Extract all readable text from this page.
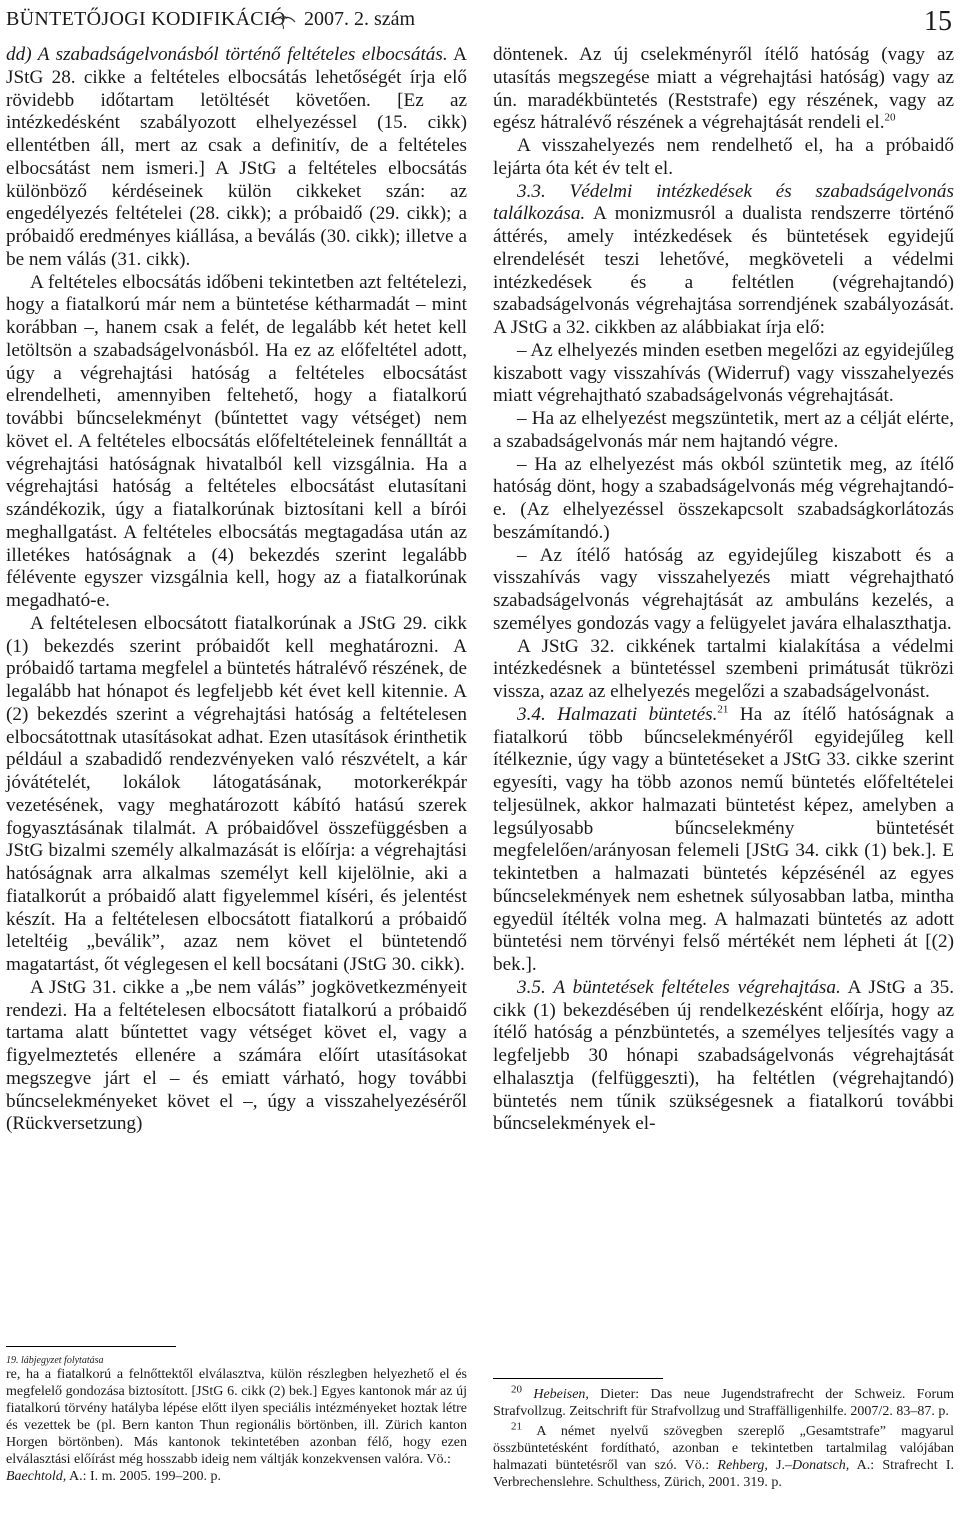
BÜNTETŐJOGI KODIFIKÁCIÓ 2007. 2. szám	15

dd) A szabadságelvonásból történő feltételes elbocsátás. A JStG 28. cikke a feltételes elbocsátás lehetőségét írja elő rövidebb időtartam letöltését követően. [Ez az intézkedésként szabályozott elhelyezéssel (15. cikk) ellentétben áll, mert az csak a definitív, de a feltételes elbocsátást nem ismeri.] A JStG a feltételes elbocsátás különböző kérdéseinek külön cikkeket szán: az engedélyezés feltételei (28. cikk); a próbaidő (29. cikk); a próbaidő eredményes kiállása, a beválás (30. cikk); illetve a be nem válás (31. cikk).

A feltételes elbocsátás időbeni tekintetben azt feltételezi, hogy a fiatalkorú már nem a büntetése kétharmadát – mint korábban –, hanem csak a felét, de legalább két hetet kell letöltsön a szabadságelvonásból. Ha ez az előfeltétel adott, úgy a végrehajtási hatóság a feltételes elbocsátást elrendelheti, amennyiben feltehető, hogy a fiatalkorú további bűncselekményt (bűntettet vagy vétséget) nem követ el. A feltételes elbocsátás előfeltételeinek fennálltát a végrehajtási hatóságnak hivatalból kell vizsgálnia. Ha a végrehajtási hatóság a feltételes elbocsátást elutasítani szándékozik, úgy a fiatalkorúnak biztosítani kell a bírói meghallgatást. A feltételes elbocsátás megtagadása után az illetékes hatóságnak a (4) bekezdés szerint legalább félévente egyszer vizsgálnia kell, hogy az a fiatalkorúnak megadható-e.

A feltételesen elbocsátott fiatalkorúnak a JStG 29. cikk (1) bekezdés szerint próbaidőt kell meghatározni. A próbaidő tartama megfelel a büntetés hátralévő részének, de legalább hat hónapot és legfeljebb két évet kell kitennie. A (2) bekezdés szerint a végrehajtási hatóság a feltételesen elbocsátottnak utasításokat adhat. Ezen utasítások érinthetik például a szabadidő rendezvényeken való részvételt, a kár jóvátételét, lokálok látogatásának, motorkerékpár vezetésének, vagy meghatározott kábító hatású szerek fogyasztásának tilalmát. A próbaidővel összefüggésben a JStG bizalmi személy alkalmazását is előírja: a végrehajtási hatóságnak arra alkalmas személyt kell kijelölnie, aki a fiatalkorút a próbaidő alatt figyelemmel kíséri, és jelentést készít. Ha a feltételesen elbocsátott fiatalkorú a próbaidő leteltéig „beválik”, azaz nem követ el büntetendő magatartást, őt véglegesen el kell bocsátani (JStG 30. cikk).

A JStG 31. cikke a „be nem válás” jogkövetkezményeit rendezi. Ha a feltételesen elbocsátott fiatalkorú a próbaidő tartama alatt bűntettet vagy vétséget követ el, vagy a figyelmeztetés ellenére a számára előírt utasításokat megszegve járt el – és emiatt várható, hogy további bűncselekményeket követ el –, úgy a visszahelyezéséről (Rückversetzung)

döntenek. Az új cselekményről ítélő hatóság (vagy az utasítás megszegése miatt a végrehajtási hatóság) vagy az ún. maradékbüntetés (Reststrafe) egy részének, vagy az egész hátralévő részének a végrehajtását rendeli el.$^{20}$

A visszahelyezés nem rendelhető el, ha a próbaidő lejárta óta két év telt el.

3.3. Védelmi intézkedések és szabadságelvonás találkozása. A monizmusról a dualista rendszerre történő áttérés, amely intézkedések és büntetések egyidejű elrendelését teszi lehetővé, megköveteli a védelmi intézkedések és a feltétlen (végrehajtandó) szabadságelvonás végrehajtása sorrendjének szabályozását. A JStG a 32. cikkben az alábbiakat írja elő:

– Az elhelyezés minden esetben megelőzi az egyidejűleg kiszabott vagy visszahívás (Widerruf) vagy visszahelyezés miatt végrehajtható szabadságelvonás végrehajtását.

– Ha az elhelyezést megszüntetik, mert az a célját elérte, a szabadságelvonás már nem hajtandó végre.

– Ha az elhelyezést más okból szüntetik meg, az ítélő hatóság dönt, hogy a szabadságelvonás még végrehajtandó-e. (Az elhelyezéssel összekapcsolt szabadságkorlátozás beszámítandó.)

– Az ítélő hatóság az egyidejűleg kiszabott és a visszahívás vagy visszahelyezés miatt végrehajtható szabadságelvonás végrehajtását az ambuláns kezelés, a személyes gondozás vagy a felügyelet javára elhalaszthatja.

A JStG 32. cikkének tartalmi kialakítása a védelmi intézkedésnek a büntetéssel szembeni primátusát tükrözi vissza, azaz az elhelyezés megelőzi a szabadságelvonást.

3.4. Halmazati büntetés.$^{21}$ Ha az ítélő hatóságnak a fiatalkorú több bűncselekményéről egyidejűleg kell ítélkeznie, úgy vagy a büntetéseket a JStG 33. cikke szerint egyesíti, vagy ha több azonos nemű büntetés előfeltételei teljesülnek, akkor halmazati büntetést képez, amelyben a legsúlyosabb bűncselekmény büntetését megfelelően/arányosan felemeli [JStG 34. cikk (1) bek.]. E tekintetben a halmazati büntetés képzésénél az egyes bűncselekmények nem eshetnek súlyosabban latba, mintha egyedül ítélték volna meg. A halmazati büntetés az adott büntetési nem törvényi felső mértékét nem lépheti át [(2) bek.].

3.5. A büntetések feltételes végrehajtása. A JStG a 35. cikk (1) bekezdésében új rendelkezésként előírja, hogy az ítélő hatóság a pénzbüntetés, a személyes teljesítés vagy a legfeljebb 30 hónapi szabadságelvonás végrehajtását elhalasztja (felfüggeszti), ha feltétlen (végrehajtandó) büntetés nem tűnik szükségesnek a fiatalkorú további bűncselekmények el-

19. lábjegyzet folytatása
re, ha a fiatalkorú a felnőttektől elválasztva, külön részlegben helyezhető el és megfelelő gondozása biztosított. [JStG 6. cikk (2) bek.] Egyes kantonok már az új fiatalkorú törvény hatályba lépése előtt ilyen speciális intézményeket hoztak létre és vezettek be (pl. Bern kanton Thun regionális börtönben, ill. Zürich kanton Horgen börtönben). Más kantonok tekintetében azonban félő, hogy ezen elválasztási előírást még hosszabb ideig nem váltják konzekvensen valóra. Vö.:
Baechtold, A.: I. m. 2005. 199–200. p.
$^{20}$ Hebeisen, Dieter: Das neue Jugendstrafrecht der Schweiz. Forum Strafvollzug. Zeitschrift für Strafvollzug und Straffälligenhilfe. 2007/2. 83–87. p.
$^{21}$ A német nyelvű szövegben szereplő „Gesamtstrafe” magyarul összbüntetésként fordítható, azonban e tekintetben tartalmilag valójában halmazati büntetésről van szó. Vö.: Rehberg, J.–Donatsch, A.: Strafrecht I. Verbrechenslehre. Schulthess, Zürich, 2001. 319. p.
